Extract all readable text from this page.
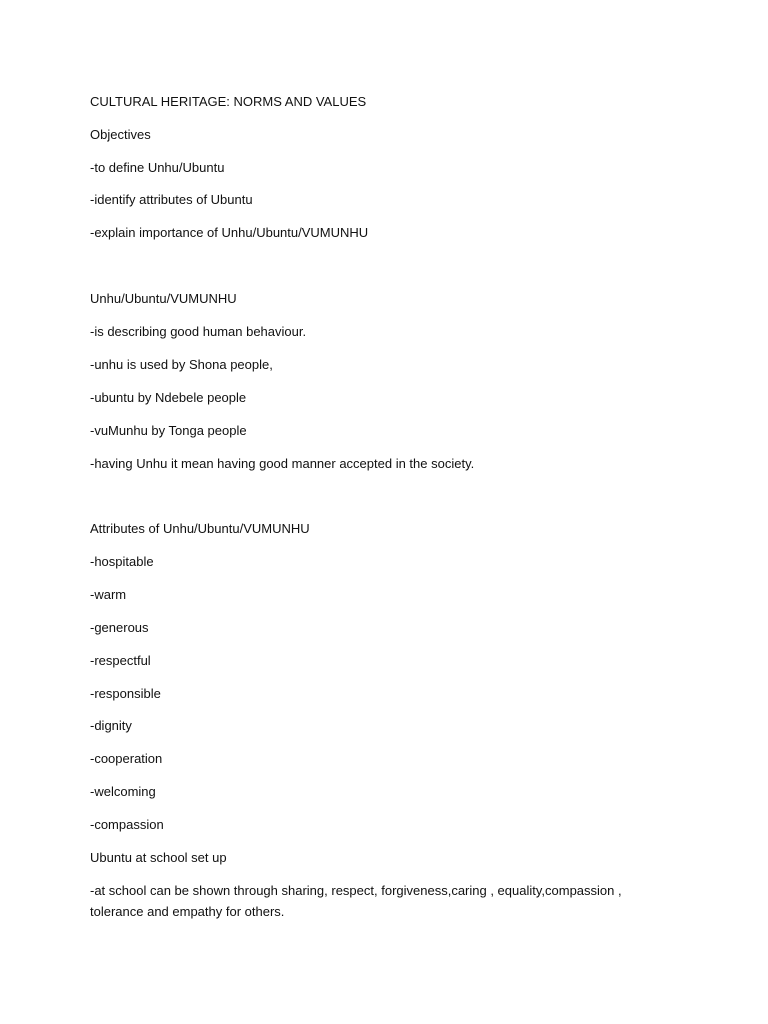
CULTURAL HERITAGE: NORMS AND VALUES

Objectives

-to define Unhu/Ubuntu

-identify attributes of Ubuntu

-explain importance of Unhu/Ubuntu/VUMUNHU

Unhu/Ubuntu/VUMUNHU

-is describing good human behaviour.

-unhu is used by Shona people,

-ubuntu by Ndebele people

-vuMunhu by Tonga people

-having Unhu it mean having good manner accepted in the society.

Attributes of Unhu/Ubuntu/VUMUNHU

-hospitable

-warm

-generous

-respectful

-responsible

-dignity

-cooperation

-welcoming

-compassion

Ubuntu at school set up

-at school can be shown through sharing, respect, forgiveness,caring , equality,compassion , tolerance and empathy for others.
